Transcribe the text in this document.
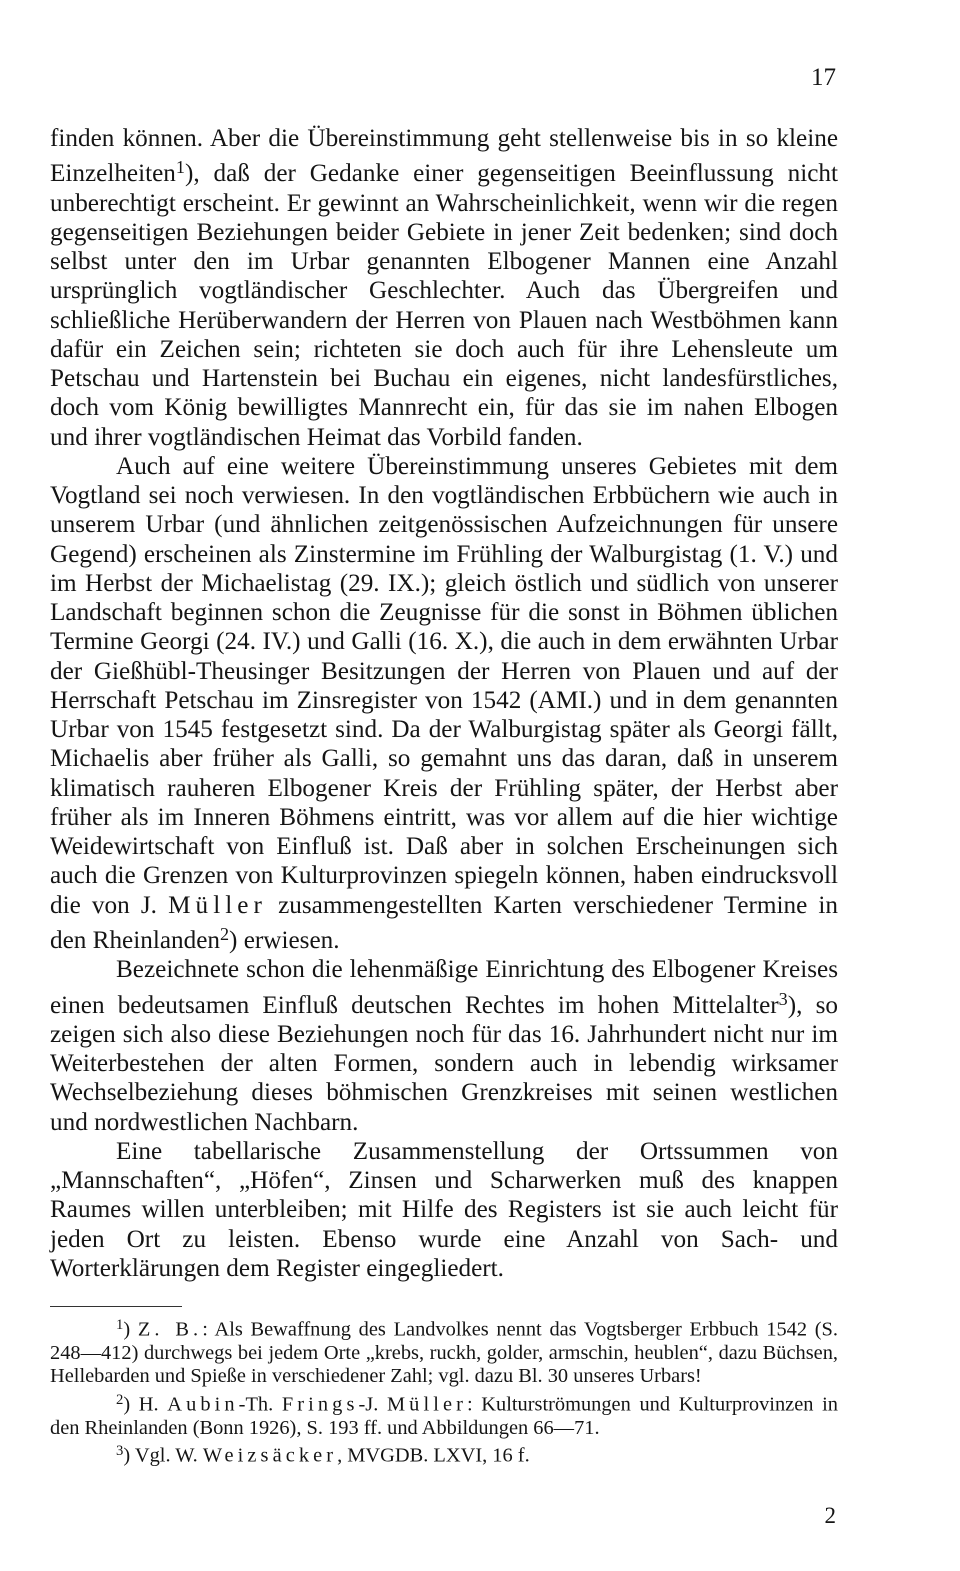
17

finden können. Aber die Übereinstimmung geht stellenweise bis in so kleine Einzelheiten$^1$), daß der Gedanke einer gegenseitigen Beeinflussung nicht unberechtigt erscheint. Er gewinnt an Wahrscheinlichkeit, wenn wir die regen gegenseitigen Beziehungen beider Gebiete in jener Zeit bedenken; sind doch selbst unter den im Urbar genannten Elbogener Mannen eine Anzahl ursprünglich vogtländischer Geschlechter. Auch das Übergreifen und schließliche Herüberwandern der Herren von Plauen nach Westböhmen kann dafür ein Zeichen sein; richteten sie doch auch für ihre Lehensleute um Petschau und Hartenstein bei Buchau ein eigenes, nicht landesfürstliches, doch vom König bewilligtes Mannrecht ein, für das sie im nahen Elbogen und ihrer vogtländischen Heimat das Vorbild fanden.

Auch auf eine weitere Übereinstimmung unseres Gebietes mit dem Vogtland sei noch verwiesen. In den vogtländischen Erbbüchern wie auch in unserem Urbar (und ähnlichen zeitgenössischen Aufzeichnungen für unsere Gegend) erscheinen als Zinstermine im Frühling der Walburgistag (1. V.) und im Herbst der Michaelistag (29. IX.); gleich östlich und südlich von unserer Landschaft beginnen schon die Zeugnisse für die sonst in Böhmen üblichen Termine Georgi (24. IV.) und Galli (16. X.), die auch in dem erwähnten Urbar der Gießhübl-Theusinger Besitzungen der Herren von Plauen und auf der Herrschaft Petschau im Zinsregister von 1542 (AMI.) und in dem genannten Urbar von 1545 festgesetzt sind. Da der Walburgistag später als Georgi fällt, Michaelis aber früher als Galli, so gemahnt uns das daran, daß in unserem klimatisch rauheren Elbogener Kreis der Frühling später, der Herbst aber früher als im Inneren Böhmens eintritt, was vor allem auf die hier wichtige Weidewirtschaft von Einfluß ist. Daß aber in solchen Erscheinungen sich auch die Grenzen von Kulturprovinzen spiegeln können, haben eindrucksvoll die von J. Müller zusammengestellten Karten verschiedener Termine in den Rheinlanden$^2$) erwiesen.

Bezeichnete schon die lehenmäßige Einrichtung des Elbogener Kreises einen bedeutsamen Einfluß deutschen Rechtes im hohen Mittelalter$^3$), so zeigen sich also diese Beziehungen noch für das 16. Jahrhundert nicht nur im Weiterbestehen der alten Formen, sondern auch in lebendig wirksamer Wechselbeziehung dieses böhmischen Grenzkreises mit seinen westlichen und nordwestlichen Nachbarn.

Eine tabellarische Zusammenstellung der Ortssummen von „Mannschaften“, „Höfen“, Zinsen und Scharwerken muß des knappen Raumes willen unterbleiben; mit Hilfe des Registers ist sie auch leicht für jeden Ort zu leisten. Ebenso wurde eine Anzahl von Sach- und Worterklärungen dem Register eingegliedert.

$^1$) Z. B.: Als Bewaffnung des Landvolkes nennt das Vogtsberger Erbbuch 1542 (S. 248—412) durchwegs bei jedem Orte „krebs, ruckh, golder, armschin, heublen“, dazu Büchsen, Hellebarden und Spieße in verschiedener Zahl; vgl. dazu Bl. 30 unseres Urbars!

$^2$) H. Aubin-Th. Frings-J. Müller: Kulturströmungen und Kulturprovinzen in den Rheinlanden (Bonn 1926), S. 193 ff. und Abbildungen 66—71.

$^3$) Vgl. W. Weizsäcker, MVGDB. LXVI, 16 f.

2
